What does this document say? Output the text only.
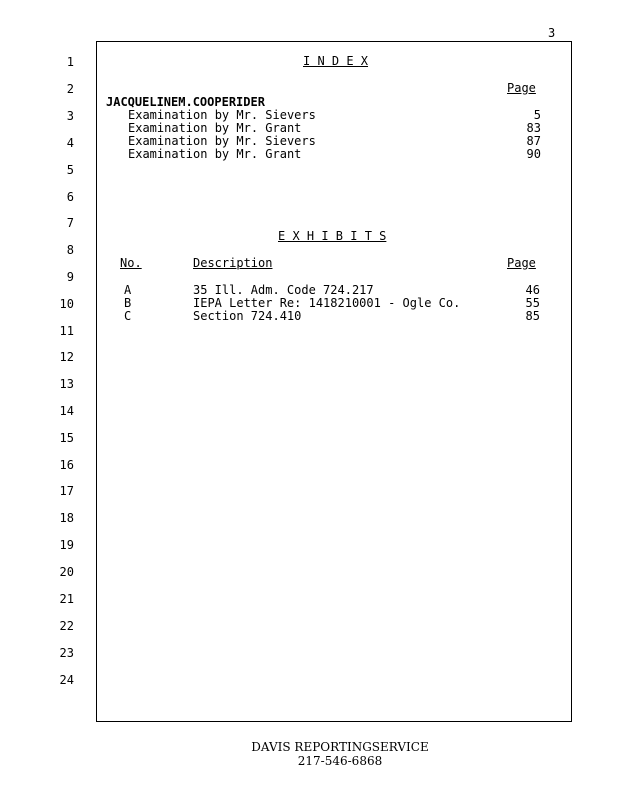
3
1
2
3
4
5
6
7
8
9
10
11
12
13
14
15
16
17
18
19
20
21
22
23
24
I N D E X
Page
JACQUELINEM.COOPERIDER
Examination by Mr. Sievers	5
Examination by Mr. Grant	83
Examination by Mr. Sievers	87
Examination by Mr. Grant	90
E X H I B I T S
No.	Description	Page
A	35 Ill. Adm. Code 724.217	46
B	IEPA Letter Re: 1418210001 - Ogle Co.	55
C	Section 724.410	85
DAVIS REPORTINGSERVICE
217-546-6868
